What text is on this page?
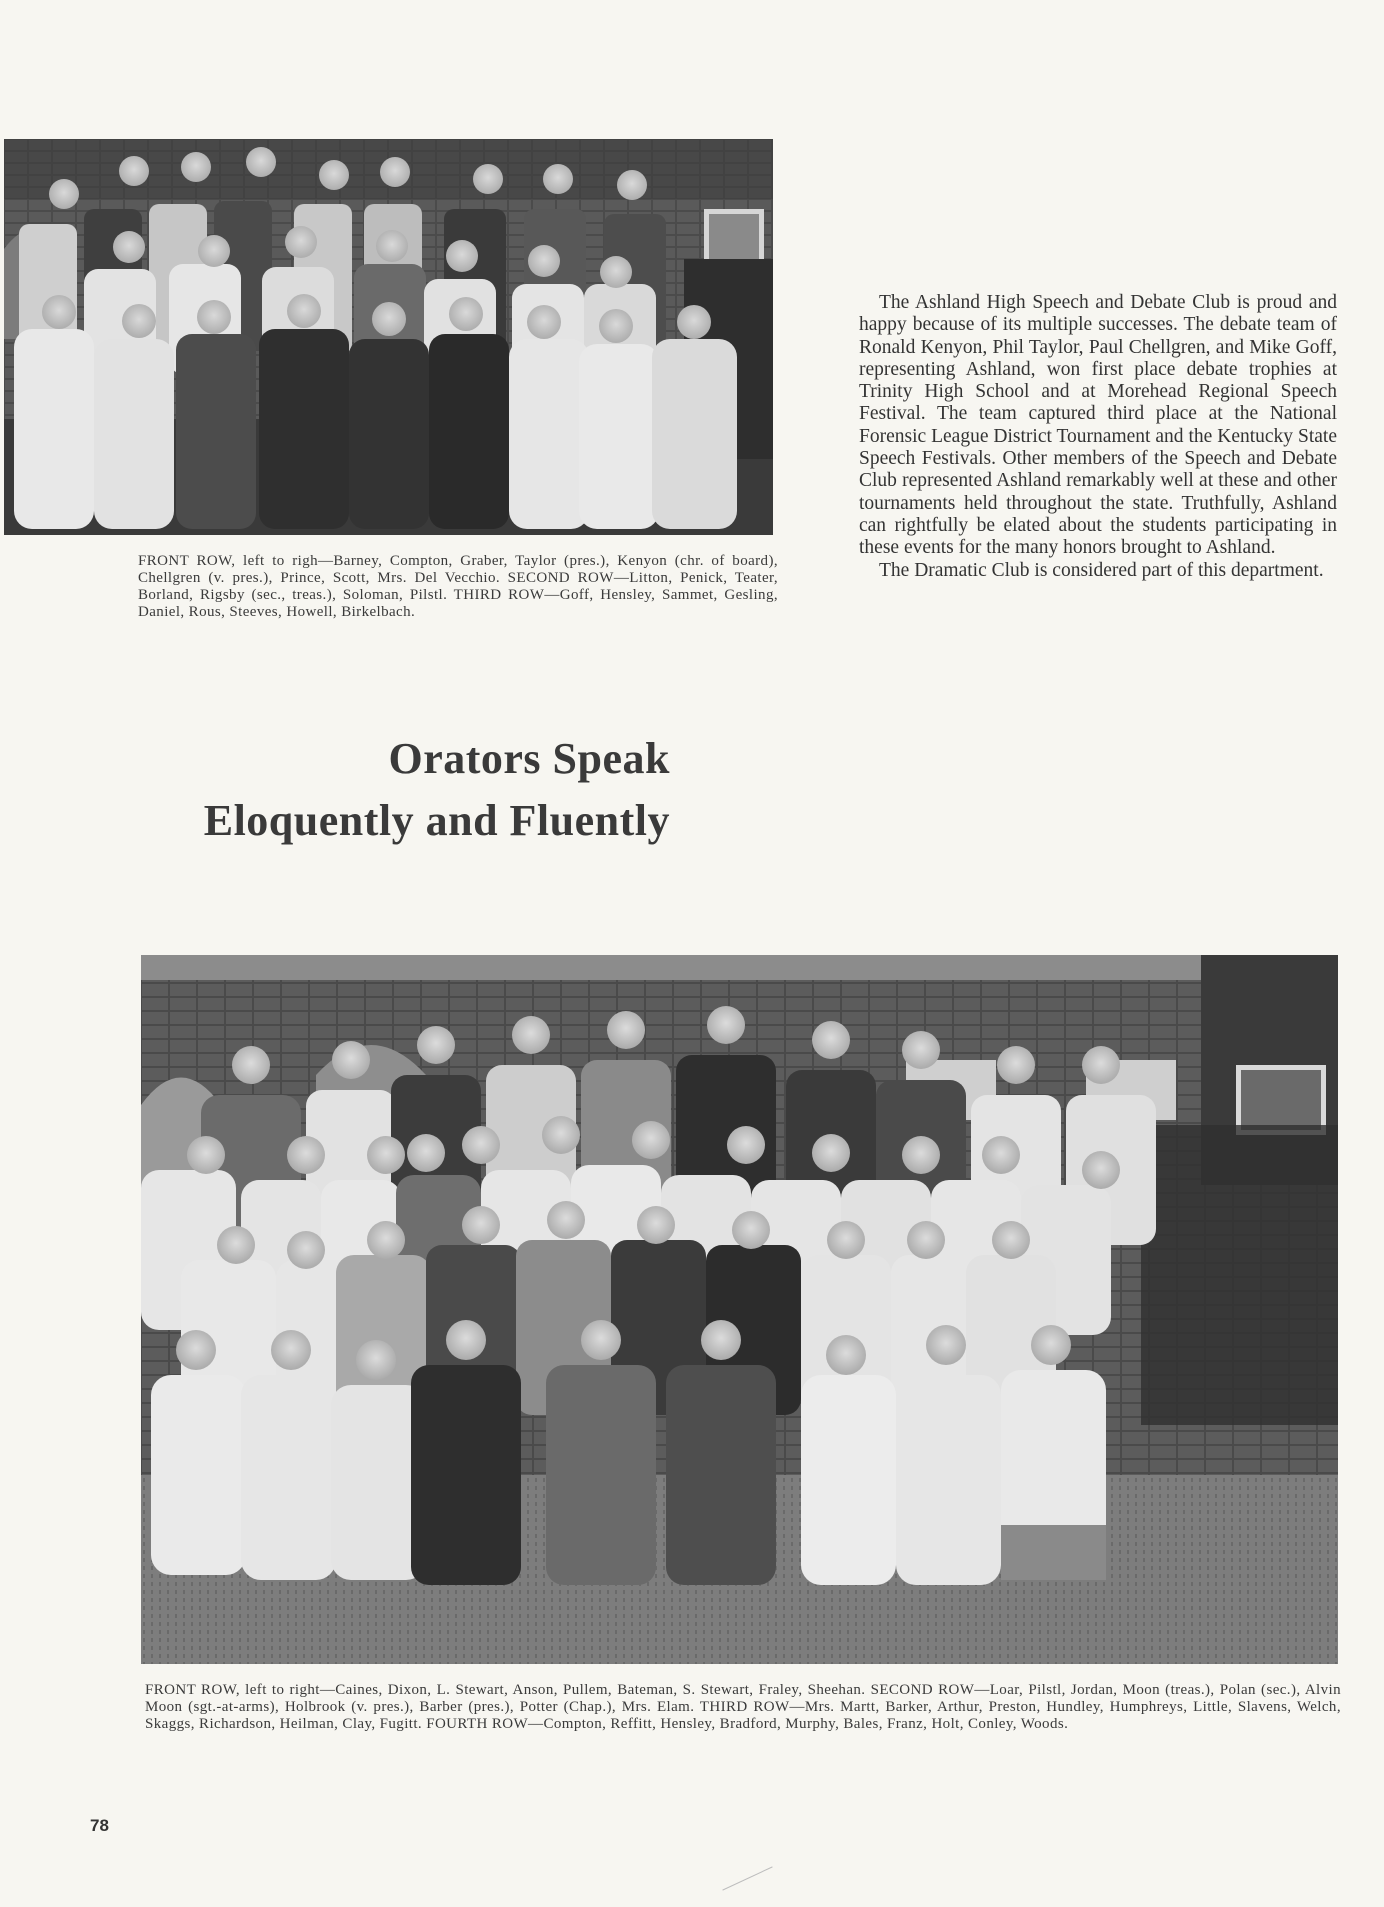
FRONT ROW, left to righ—Barney, Compton, Graber, Taylor (pres.), Kenyon (chr. of board), Chellgren (v. pres.), Prince, Scott, Mrs. Del Vecchio. SECOND ROW—Litton, Penick, Teater, Borland, Rigsby (sec., treas.), Soloman, Pilstl. THIRD ROW—Goff, Hensley, Sammet, Gesling, Daniel, Rous, Steeves, Howell, Birkelbach.

The Ashland High Speech and Debate Club is proud and happy because of its multiple successes. The debate team of Ronald Kenyon, Phil Taylor, Paul Chellgren, and Mike Goff, representing Ashland, won first place debate trophies at Trinity High School and at Morehead Regional Speech Festival. The team captured third place at the National Forensic League District Tournament and the Kentucky State Speech Festivals. Other members of the Speech and Debate Club represented Ashland remarkably well at these and other tournaments held throughout the state. Truthfully, Ashland can rightfully be elated about the students participating in these events for the many honors brought to Ashland.

The Dramatic Club is considered part of this department.

Orators Speak
Eloquently and Fluently
FRONT ROW, left to right—Caines, Dixon, L. Stewart, Anson, Pullem, Bateman, S. Stewart, Fraley, Sheehan. SECOND ROW—Loar, Pilstl, Jordan, Moon (treas.), Polan (sec.), Alvin Moon (sgt.-at-arms), Holbrook (v. pres.), Barber (pres.), Potter (Chap.), Mrs. Elam. THIRD ROW—Mrs. Martt, Barker, Arthur, Preston, Hundley, Humphreys, Little, Slavens, Welch, Skaggs, Richardson, Heilman, Clay, Fugitt. FOURTH ROW—Compton, Reffitt, Hensley, Bradford, Murphy, Bales, Franz, Holt, Conley, Woods.
78
